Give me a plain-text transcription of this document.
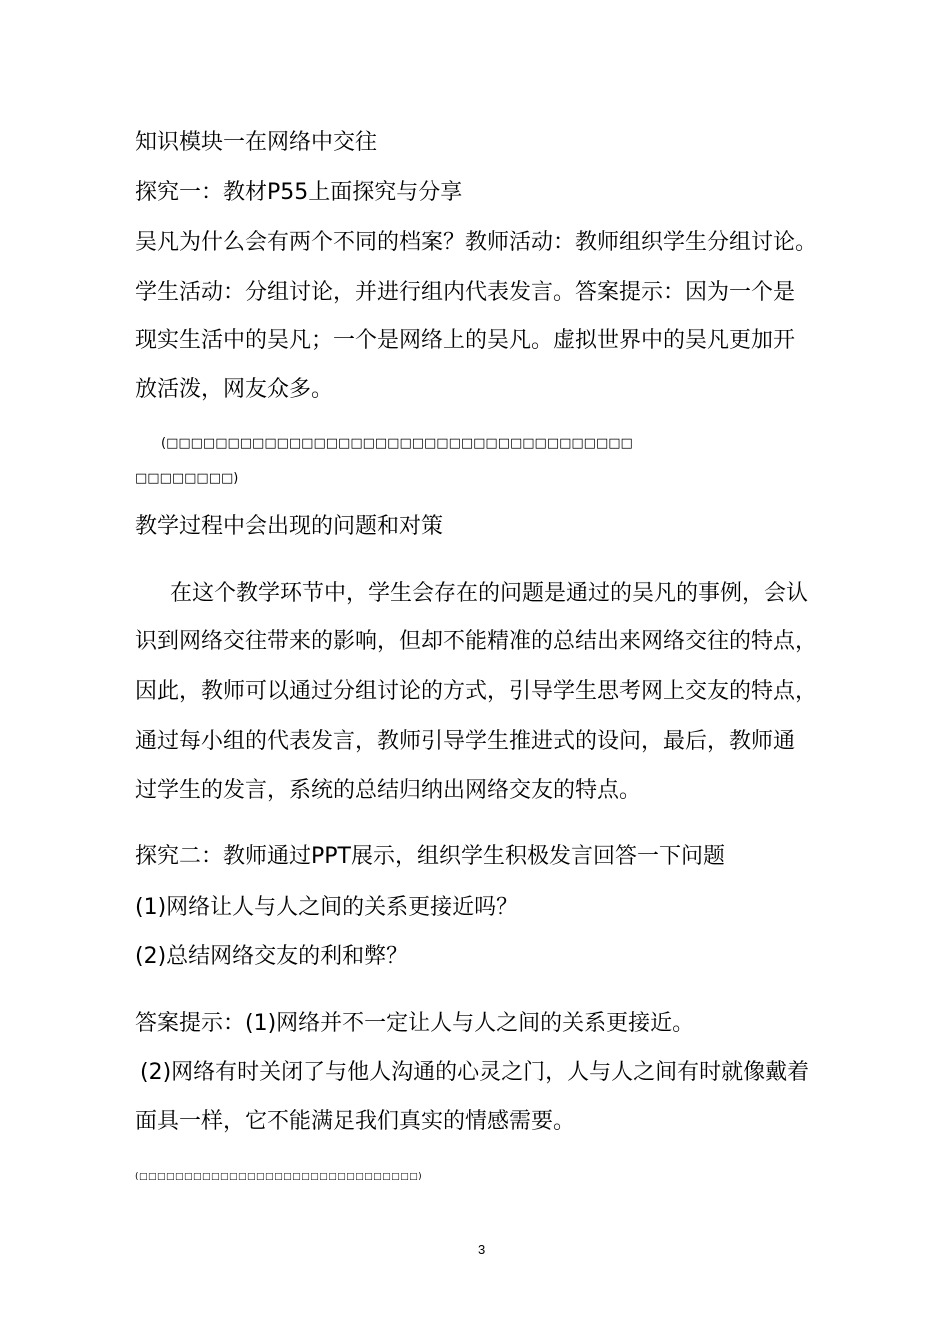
知识模块一在网络中交往
探究一：教材P55上面探究与分享
吴凡为什么会有两个不同的档案？教师活动：教师组织学生分组讨论。
学生活动：分组讨论，并进行组内代表发言。答案提示：因为一个是
现实生活中的吴凡；一个是网络上的吴凡。虚拟世界中的吴凡更加开
放活泼，网友众多。
(□□□□□□□□□□□□□□□□□□□□□□□□□□□□□□□□□□□□□□
□□□□□□□□)
教学过程中会出现的问题和对策
在这个教学环节中，学生会存在的问题是通过的吴凡的事例，会认
识到网络交往带来的影响，但却不能精准的总结出来网络交往的特点，
因此，教师可以通过分组讨论的方式，引导学生思考网上交友的特点，
通过每小组的代表发言，教师引导学生推进式的设问，最后，教师通
过学生的发言，系统的总结归纳出网络交友的特点。
探究二：教师通过PPT展示，组织学生积极发言回答一下问题
(1)网络让人与人之间的关系更接近吗？
(2)总结网络交友的利和弊？
答案提示：(1)网络并不一定让人与人之间的关系更接近。
(2)网络有时关闭了与他人沟通的心灵之门，人与人之间有时就像戴着
面具一样，它不能满足我们真实的情感需要。
(□□□□□□□□□□□□□□□□□□□□□□□□□□□□□□□)
3
